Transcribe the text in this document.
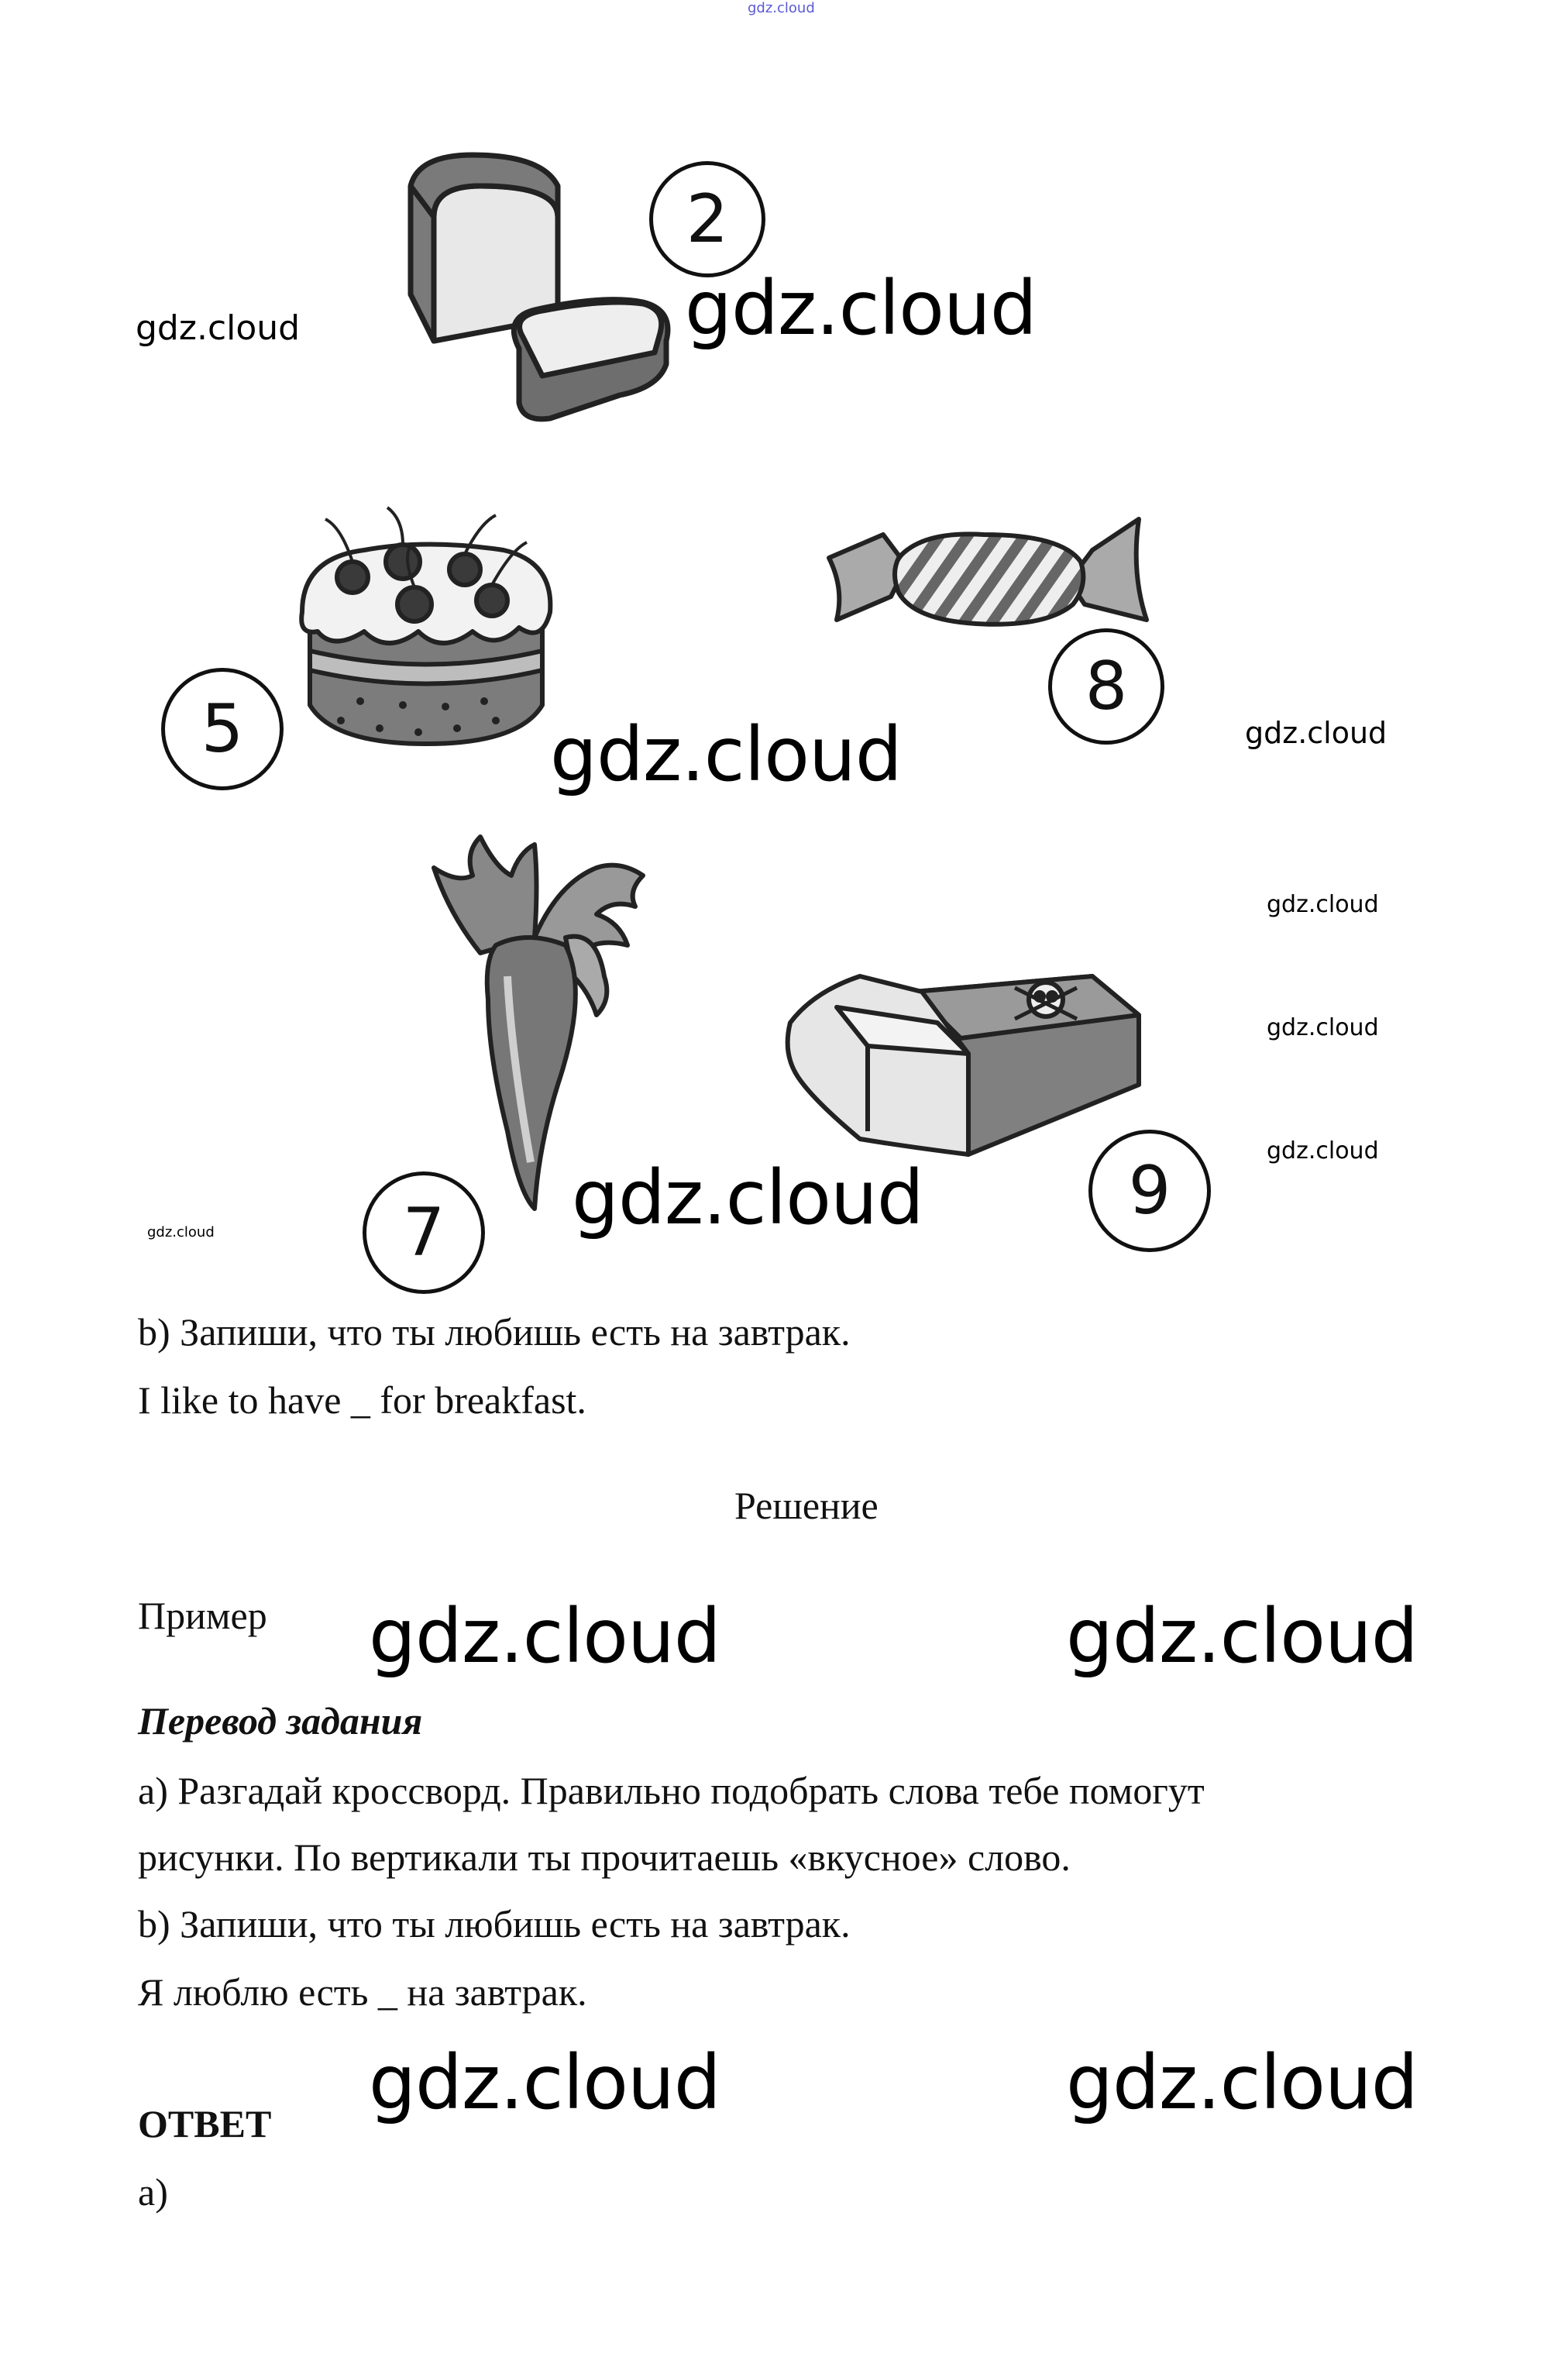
gdz.cloud
2
5
8
7
9
gdz.cloud	gdz.cloud
gdz.cloud	gdz.cloud
gdz.cloud
gdz.cloud
gdz.cloud
gdz.cloud	gdz.cloud
b) Запиши, что ты любишь есть на завтрак.
I like to have _ for breakfast.
Решение
Пример gdz.cloud	gdz.cloud
Перевод задания
a) Разгадай кроссворд. Правильно подобрать слова тебе помогут
рисунки. По вертикали ты прочитаешь «вкусное» слово.
b) Запиши, что ты любишь есть на завтрак.
Я люблю есть _ на завтрак.
gdz.cloud	gdz.cloud
ОТВЕТ
a)
